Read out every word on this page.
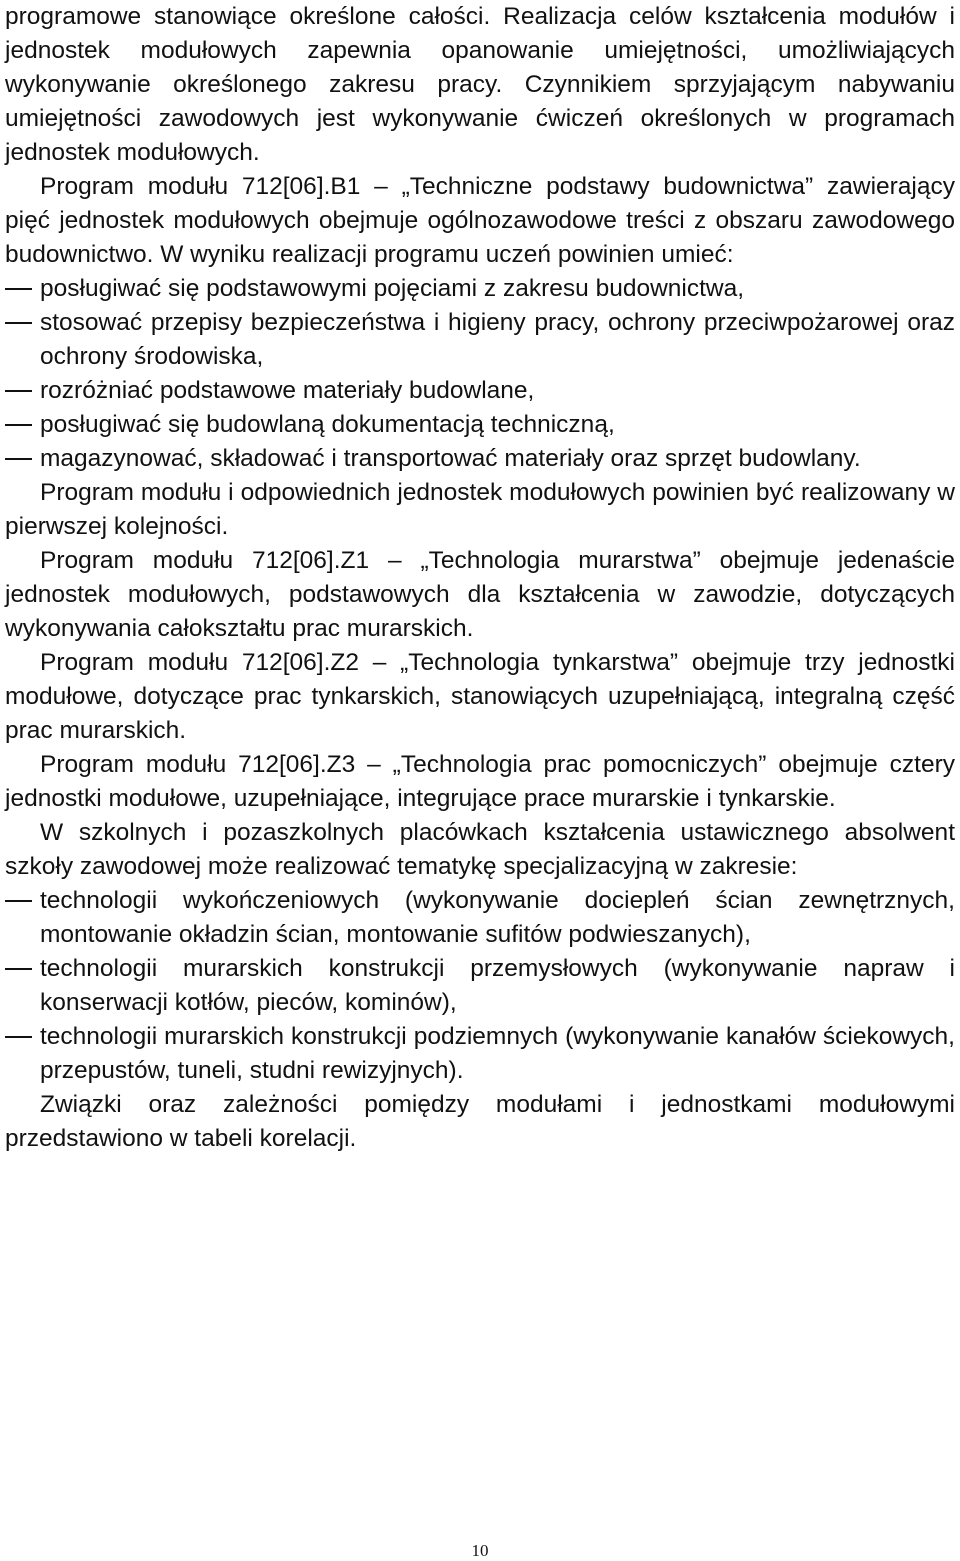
programowe stanowiące określone całości. Realizacja celów kształcenia modułów i jednostek modułowych zapewnia opanowanie umiejętności, umożliwiających wykonywanie określonego zakresu pracy. Czynnikiem sprzyjającym nabywaniu umiejętności zawodowych jest wykonywanie ćwiczeń określonych w programach jednostek modułowych.

Program modułu 712[06].B1 – „Techniczne podstawy budownictwa” zawierający pięć jednostek modułowych obejmuje ogólnozawodowe treści z obszaru zawodowego budownictwo. W wyniku realizacji programu uczeń powinien umieć:

posługiwać się podstawowymi pojęciami z zakresu budownictwa,

stosować przepisy bezpieczeństwa i higieny pracy, ochrony przeciwpożarowej oraz ochrony środowiska,

rozróżniać podstawowe materiały budowlane,

posługiwać się budowlaną dokumentacją techniczną,

magazynować, składować i transportować materiały oraz sprzęt budowlany.

Program modułu i odpowiednich jednostek modułowych powinien być realizowany w pierwszej kolejności.

Program modułu 712[06].Z1 – „Technologia murarstwa” obejmuje jedenaście jednostek modułowych, podstawowych dla kształcenia w zawodzie, dotyczących wykonywania całokształtu prac murarskich.

Program modułu 712[06].Z2 – „Technologia tynkarstwa” obejmuje trzy jednostki modułowe, dotyczące prac tynkarskich, stanowiących uzupełniającą, integralną część prac murarskich.

Program modułu 712[06].Z3 – „Technologia prac pomocniczych” obejmuje cztery jednostki modułowe, uzupełniające, integrujące prace murarskie i tynkarskie.

W szkolnych i pozaszkolnych placówkach kształcenia ustawicznego absolwent szkoły zawodowej może realizować tematykę specjalizacyjną w zakresie:

technologii wykończeniowych (wykonywanie dociepleń ścian zewnętrznych, montowanie okładzin ścian, montowanie sufitów podwieszanych),

technologii murarskich konstrukcji przemysłowych (wykonywanie napraw i konserwacji kotłów, pieców, kominów),

technologii murarskich konstrukcji podziemnych (wykonywanie kanałów ściekowych, przepustów, tuneli, studni rewizyjnych).

Związki oraz zależności pomiędzy modułami i jednostkami modułowymi przedstawiono w tabeli korelacji.

10
